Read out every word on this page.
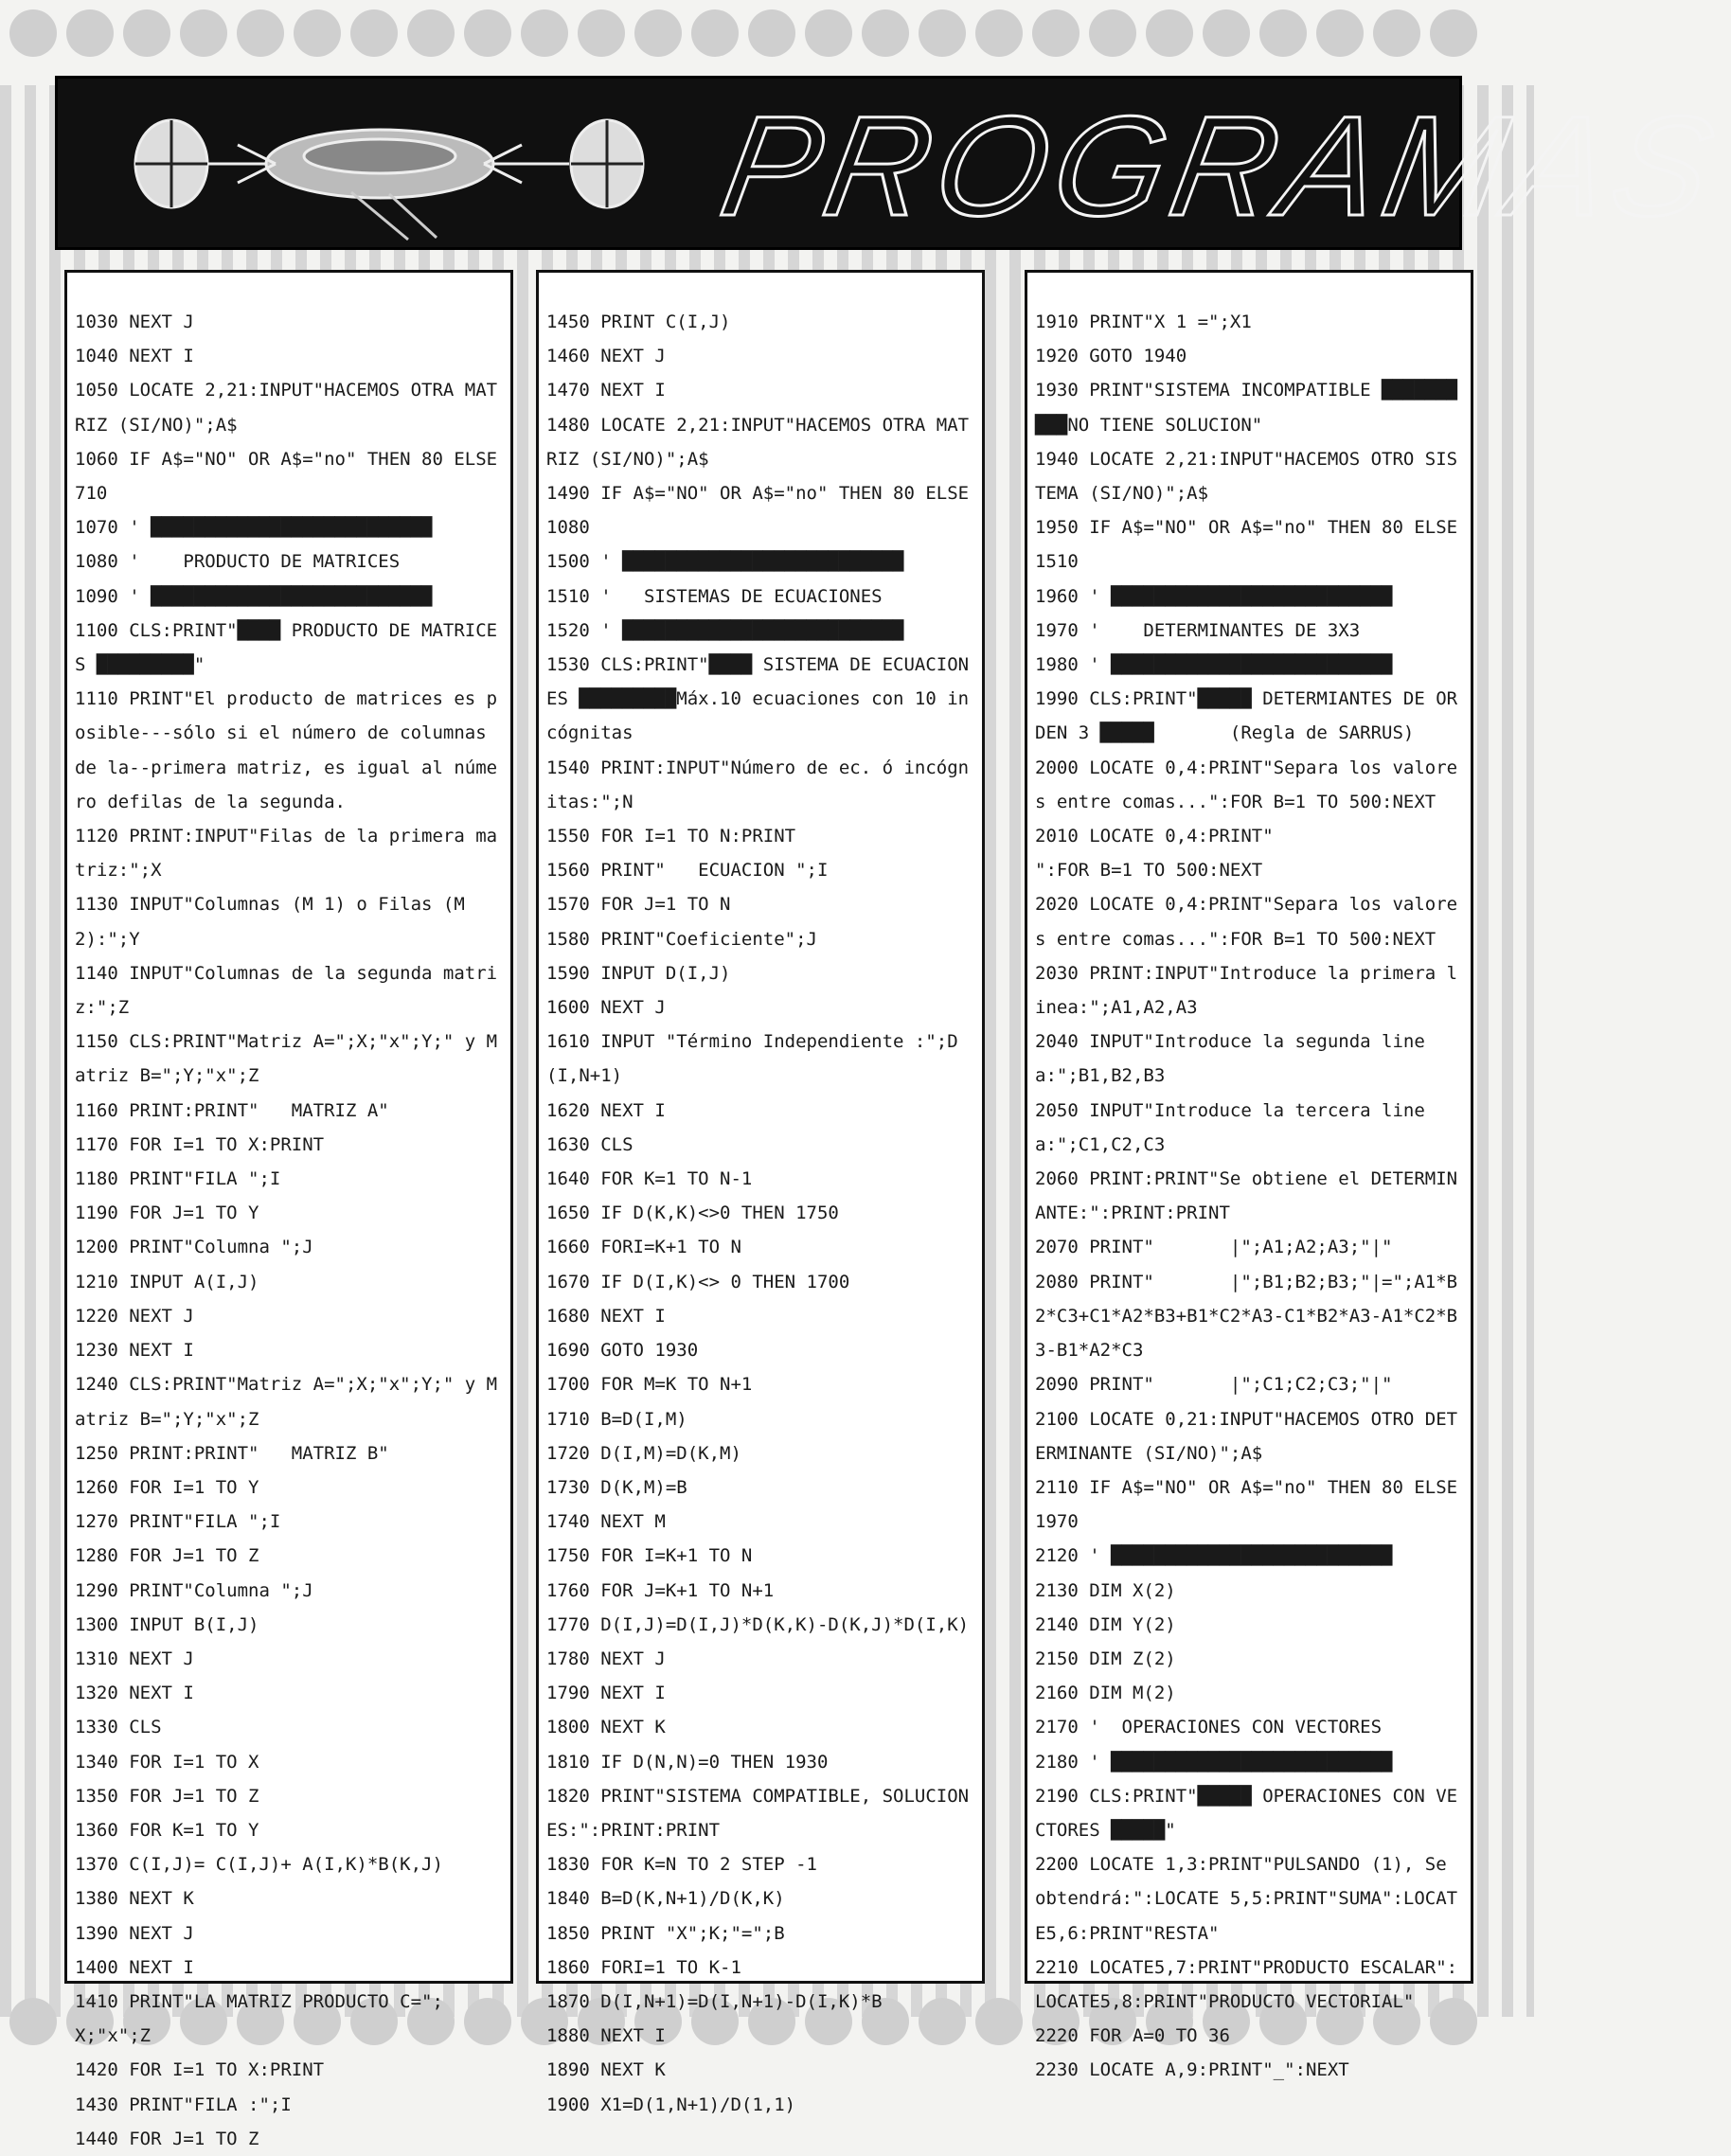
PROGRAMAS
1030 NEXT J
1040 NEXT I
1050 LOCATE 2,21:INPUT"HACEMOS OTRA MATRIZ (SI/NO)";A$
1060 IF A$="NO" OR A$="no" THEN 80 ELSE 710
1070 ' ██████████████████████████
1080 '    PRODUCTO DE MATRICES
1090 ' ██████████████████████████
1100 CLS:PRINT"████ PRODUCTO DE MATRICES █████████"
1110 PRINT"El producto de matrices es posible---sólo si el número de columnas de la--primera matriz, es igual al número defilas de la segunda.
1120 PRINT:INPUT"Filas de la primera matriz:";X
1130 INPUT"Columnas (M 1) o Filas (M 2):";Y
1140 INPUT"Columnas de la segunda matriz:";Z
1150 CLS:PRINT"Matriz A=";X;"x";Y;" y Matriz B=";Y;"x";Z
1160 PRINT:PRINT"   MATRIZ A"
1170 FOR I=1 TO X:PRINT
1180 PRINT"FILA ";I
1190 FOR J=1 TO Y
1200 PRINT"Columna ";J
1210 INPUT A(I,J)
1220 NEXT J
1230 NEXT I
1240 CLS:PRINT"Matriz A=";X;"x";Y;" y Matriz B=";Y;"x";Z
1250 PRINT:PRINT"   MATRIZ B"
1260 FOR I=1 TO Y
1270 PRINT"FILA ";I
1280 FOR J=1 TO Z
1290 PRINT"Columna ";J
1300 INPUT B(I,J)
1310 NEXT J
1320 NEXT I
1330 CLS
1340 FOR I=1 TO X
1350 FOR J=1 TO Z
1360 FOR K=1 TO Y
1370 C(I,J)= C(I,J)+ A(I,K)*B(K,J)
1380 NEXT K
1390 NEXT J
1400 NEXT I
1410 PRINT"LA MATRIZ PRODUCTO C=";X;"x";Z
1420 FOR I=1 TO X:PRINT
1430 PRINT"FILA :";I
1440 FOR J=1 TO Z
1450 PRINT C(I,J)
1460 NEXT J
1470 NEXT I
1480 LOCATE 2,21:INPUT"HACEMOS OTRA MATRIZ (SI/NO)";A$
1490 IF A$="NO" OR A$="no" THEN 80 ELSE 1080
1500 ' ██████████████████████████
1510 '   SISTEMAS DE ECUACIONES
1520 ' ██████████████████████████
1530 CLS:PRINT"████ SISTEMA DE ECUACIONES █████████Máx.10 ecuaciones con 10 incógnitas
1540 PRINT:INPUT"Número de ec. ó incógnitas:";N
1550 FOR I=1 TO N:PRINT
1560 PRINT"   ECUACION ";I
1570 FOR J=1 TO N
1580 PRINT"Coeficiente";J
1590 INPUT D(I,J)
1600 NEXT J
1610 INPUT "Término Independiente :";D(I,N+1)
1620 NEXT I
1630 CLS
1640 FOR K=1 TO N-1
1650 IF D(K,K)<>0 THEN 1750
1660 FORI=K+1 TO N
1670 IF D(I,K)<> 0 THEN 1700
1680 NEXT I
1690 GOTO 1930
1700 FOR M=K TO N+1
1710 B=D(I,M)
1720 D(I,M)=D(K,M)
1730 D(K,M)=B
1740 NEXT M
1750 FOR I=K+1 TO N
1760 FOR J=K+1 TO N+1
1770 D(I,J)=D(I,J)*D(K,K)-D(K,J)*D(I,K)
1780 NEXT J
1790 NEXT I
1800 NEXT K
1810 IF D(N,N)=0 THEN 1930
1820 PRINT"SISTEMA COMPATIBLE, SOLUCIONES:":PRINT:PRINT
1830 FOR K=N TO 2 STEP -1
1840 B=D(K,N+1)/D(K,K)
1850 PRINT "X";K;"=";B
1860 FORI=1 TO K-1
1870 D(I,N+1)=D(I,N+1)-D(I,K)*B
1880 NEXT I
1890 NEXT K
1900 X1=D(1,N+1)/D(1,1)
1910 PRINT"X 1 =";X1
1920 GOTO 1940
1930 PRINT"SISTEMA INCOMPATIBLE ██████████NO TIENE SOLUCION"
1940 LOCATE 2,21:INPUT"HACEMOS OTRO SISTEMA (SI/NO)";A$
1950 IF A$="NO" OR A$="no" THEN 80 ELSE 1510
1960 ' ██████████████████████████
1970 '    DETERMINANTES DE 3X3
1980 ' ██████████████████████████
1990 CLS:PRINT"█████ DETERMIANTES DE ORDEN 3 █████       (Regla de SARRUS)
2000 LOCATE 0,4:PRINT"Separa los valores entre comas...":FOR B=1 TO 500:NEXT
2010 LOCATE 0,4:PRINT"                          ":FOR B=1 TO 500:NEXT
2020 LOCATE 0,4:PRINT"Separa los valores entre comas...":FOR B=1 TO 500:NEXT
2030 PRINT:INPUT"Introduce la primera linea:";A1,A2,A3
2040 INPUT"Introduce la segunda linea:";B1,B2,B3
2050 INPUT"Introduce la tercera linea:";C1,C2,C3
2060 PRINT:PRINT"Se obtiene el DETERMINANTE:":PRINT:PRINT
2070 PRINT"       |";A1;A2;A3;"|"
2080 PRINT"       |";B1;B2;B3;"|=";A1*B2*C3+C1*A2*B3+B1*C2*A3-C1*B2*A3-A1*C2*B3-B1*A2*C3
2090 PRINT"       |";C1;C2;C3;"|"
2100 LOCATE 0,21:INPUT"HACEMOS OTRO DETERMINANTE (SI/NO)";A$
2110 IF A$="NO" OR A$="no" THEN 80 ELSE 1970
2120 ' ██████████████████████████
2130 DIM X(2)
2140 DIM Y(2)
2150 DIM Z(2)
2160 DIM M(2)
2170 '  OPERACIONES CON VECTORES
2180 ' ██████████████████████████
2190 CLS:PRINT"█████ OPERACIONES CON VECTORES █████"
2200 LOCATE 1,3:PRINT"PULSANDO (1), Se obtendrá:":LOCATE 5,5:PRINT"SUMA":LOCATE5,6:PRINT"RESTA"
2210 LOCATE5,7:PRINT"PRODUCTO ESCALAR":LOCATE5,8:PRINT"PRODUCTO VECTORIAL"
2220 FOR A=0 TO 36
2230 LOCATE A,9:PRINT"_":NEXT
